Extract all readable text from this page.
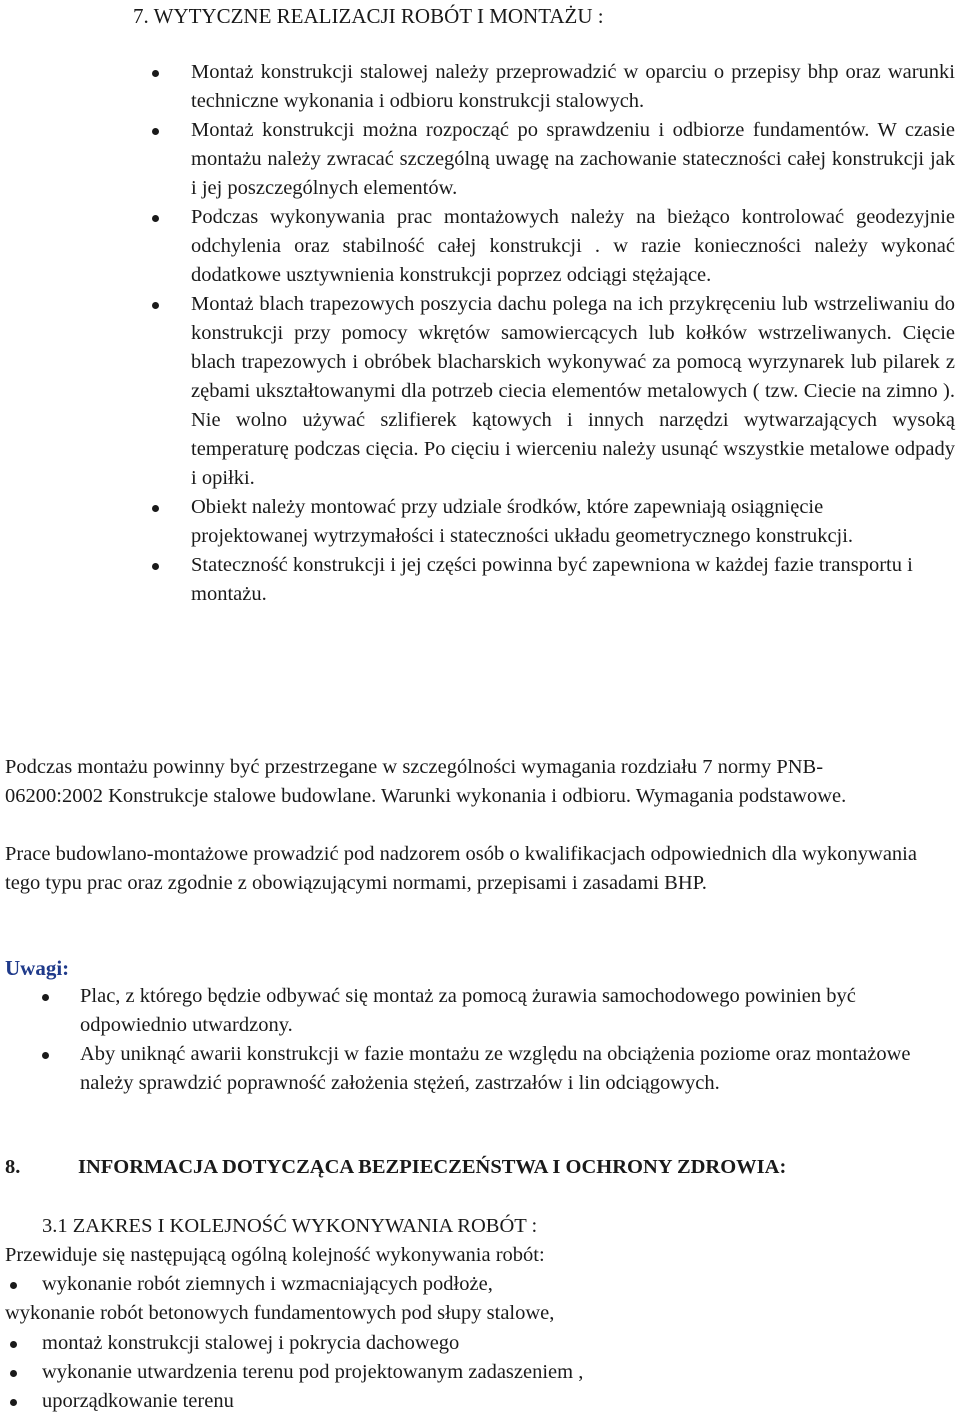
7. WYTYCZNE REALIZACJI ROBÓT I MONTAŻU :
Montaż konstrukcji stalowej należy przeprowadzić w oparciu o przepisy bhp oraz warunki techniczne wykonania i odbioru konstrukcji stalowych.
Montaż konstrukcji można rozpocząć po sprawdzeniu i odbiorze fundamentów. W czasie montażu należy zwracać szczególną uwagę na zachowanie stateczności całej konstrukcji jak i jej poszczególnych elementów.
Podczas wykonywania prac montażowych należy na bieżąco kontrolować geodezyjnie odchylenia oraz stabilność całej konstrukcji . w razie konieczności należy wykonać dodatkowe usztywnienia konstrukcji poprzez odciągi stężające.
Montaż blach trapezowych poszycia dachu polega na ich przykręceniu lub wstrzeliwaniu do konstrukcji przy pomocy wkrętów samowiercących lub kołków wstrzeliwanych. Cięcie blach trapezowych i obróbek blacharskich wykonywać za pomocą wyrzynarek lub pilarek z zębami ukształtowanymi dla potrzeb ciecia elementów metalowych ( tzw. Ciecie na zimno ). Nie wolno używać szlifierek kątowych i innych narzędzi wytwarzających wysoką temperaturę podczas cięcia. Po cięciu i wierceniu należy usunąć wszystkie metalowe odpady i opiłki.
Obiekt należy montować przy udziale środków, które zapewniają osiągnięcie projektowanej wytrzymałości i stateczności układu geometrycznego konstrukcji.
Stateczność konstrukcji i jej części powinna być zapewniona w każdej fazie transportu i montażu.

Podczas montażu powinny być przestrzegane w szczególności wymagania rozdziału 7 normy PNB-06200:2002 Konstrukcje stalowe budowlane. Warunki wykonania i odbioru. Wymagania podstawowe.

Prace budowlano-montażowe prowadzić pod nadzorem osób o kwalifikacjach odpowiednich dla wykonywania tego typu prac oraz zgodnie z obowiązującymi normami, przepisami i zasadami BHP.

Uwagi:
Plac, z którego będzie odbywać się montaż za pomocą żurawia samochodowego powinien być odpowiednio utwardzony.
Aby uniknąć awarii konstrukcji w fazie montażu ze względu na obciążenia poziome oraz montażowe należy sprawdzić poprawność założenia stężeń, zastrzałów i lin odciągowych.
8.	INFORMACJA DOTYCZĄCA BEZPIECZEŃSTWA I OCHRONY ZDROWIA:
3.1 ZAKRES I KOLEJNOŚĆ WYKONYWANIA ROBÓT :

Przewiduje się następującą ogólną kolejność wykonywania robót:

wykonanie robót ziemnych i wzmacniających podłoże,

wykonanie robót betonowych fundamentowych pod słupy stalowe,

montaż konstrukcji stalowej i pokrycia dachowego
wykonanie utwardzenia terenu pod projektowanym zadaszeniem ,
uporządkowanie terenu
